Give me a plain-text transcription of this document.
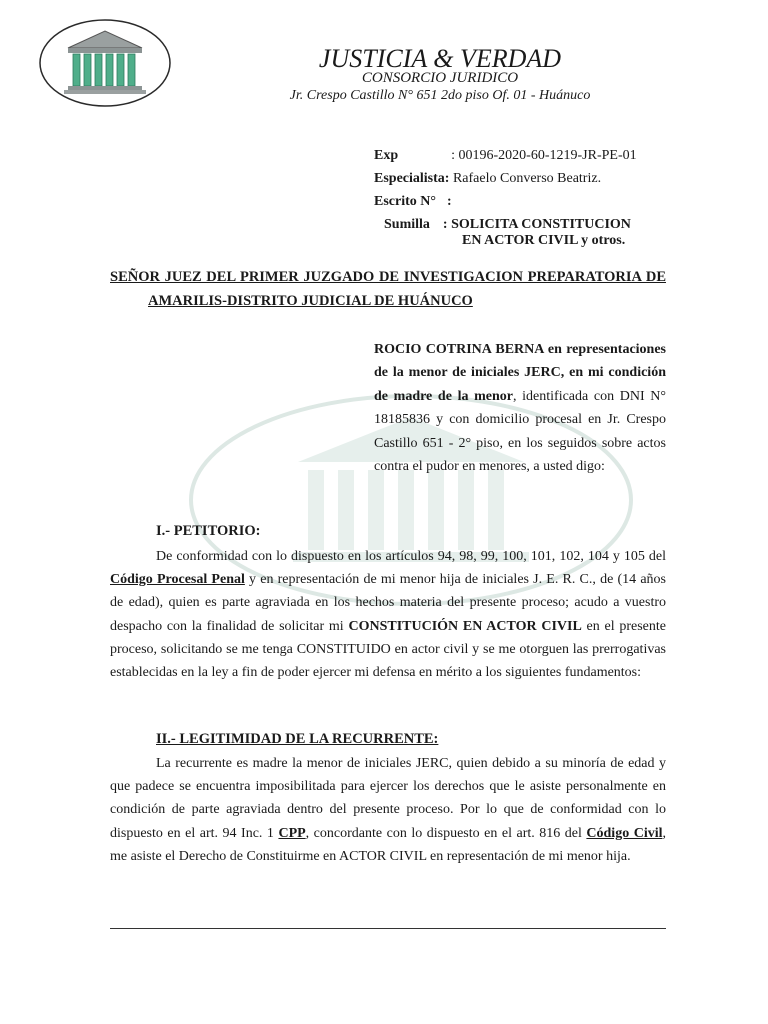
JUSTICIA & VERDAD
CONSORCIO JURIDICO
Jr. Crespo Castillo N° 651 2do piso Of. 01 - Huánuco
Exp	: 00196-2020-60-1219-JR-PE-01
Especialista: Rafaelo Converso Beatriz.
Escrito N° :
Sumilla : SOLICITA CONSTITUCION
EN ACTOR CIVIL y otros.
SEÑOR JUEZ DEL PRIMER JUZGADO DE INVESTIGACION PREPARATORIA DE
AMARILIS-DISTRITO JUDICIAL DE HUÁNUCO
ROCIO COTRINA BERNA en representaciones de la menor de iniciales JERC, en mi condición de madre de la menor, identificada con DNI N° 18185836 y con domicilio procesal en Jr. Crespo Castillo 651 - 2° piso, en los seguidos sobre actos contra el pudor en menores, a usted digo:
I.- PETITORIO:
De conformidad con lo dispuesto en los artículos 94, 98, 99, 100, 101, 102, 104 y 105 del Código Procesal Penal y en representación de mi menor hija de iniciales J. E. R. C., de (14 años de edad), quien es parte agraviada en los hechos materia del presente proceso; acudo a vuestro despacho con la finalidad de solicitar mi CONSTITUCIÓN EN ACTOR CIVIL en el presente proceso, solicitando se me tenga CONSTITUIDO en actor civil y se me otorguen las prerrogativas establecidas en la ley a fin de poder ejercer mi defensa en mérito a los siguientes fundamentos:
II.- LEGITIMIDAD DE LA RECURRENTE:
La recurrente es madre la menor de iniciales JERC, quien debido a su minoría de edad y que padece se encuentra imposibilitada para ejercer los derechos que le asiste personalmente en condición de parte agraviada dentro del presente proceso. Por lo que de conformidad con lo dispuesto en el art. 94 Inc. 1 CPP, concordante con lo dispuesto en el art. 816 del Código Civil, me asiste el Derecho de Constituirme en ACTOR CIVIL en representación de mi menor hija.
